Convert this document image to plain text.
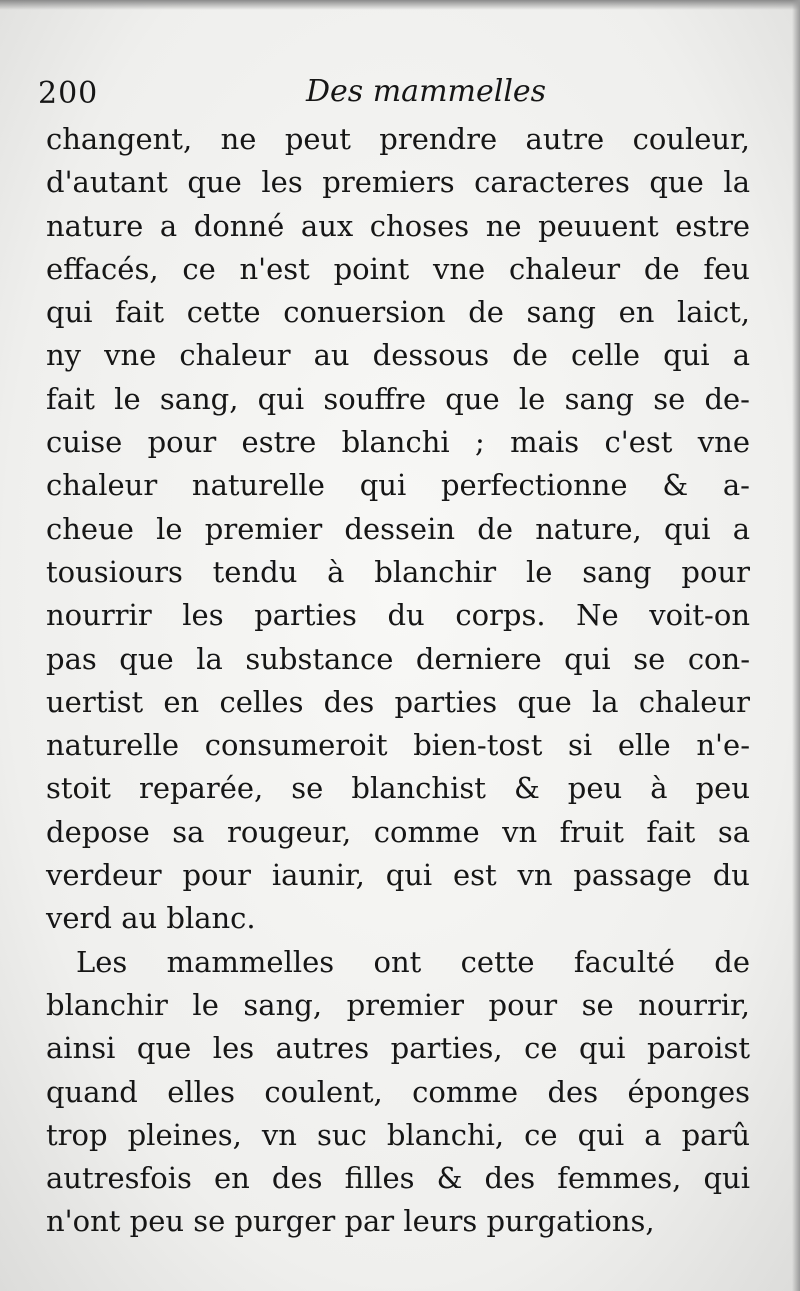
200	Des mammelles
changent, ne peut prendre autre couleur,
d'autant que les premiers caracteres que la
nature a donné aux choses ne peuuent estre
effacés, ce n'est point vne chaleur de feu
qui fait cette conuersion de sang en laict,
ny vne chaleur au dessous de celle qui a
fait le sang, qui souffre que le sang se de-
cuise pour estre blanchi ; mais c'est vne
chaleur naturelle qui perfectionne & a-
cheue le premier dessein de nature, qui a
tousiours tendu à blanchir le sang pour
nourrir les parties du corps. Ne voit-on
pas que la substance derniere qui se con-
uertist en celles des parties que la chaleur
naturelle consumeroit bien-tost si elle n'e-
stoit reparée, se blanchist & peu à peu
depose sa rougeur, comme vn fruit fait sa
verdeur pour iaunir, qui est vn passage du
verd au blanc.
Les mammelles ont cette faculté de
blanchir le sang, premier pour se nourrir,
ainsi que les autres parties, ce qui paroist
quand elles coulent, comme des éponges
trop pleines, vn suc blanchi, ce qui a parû
autresfois en des filles & des femmes, qui
n'ont peu se purger par leurs purgations,
